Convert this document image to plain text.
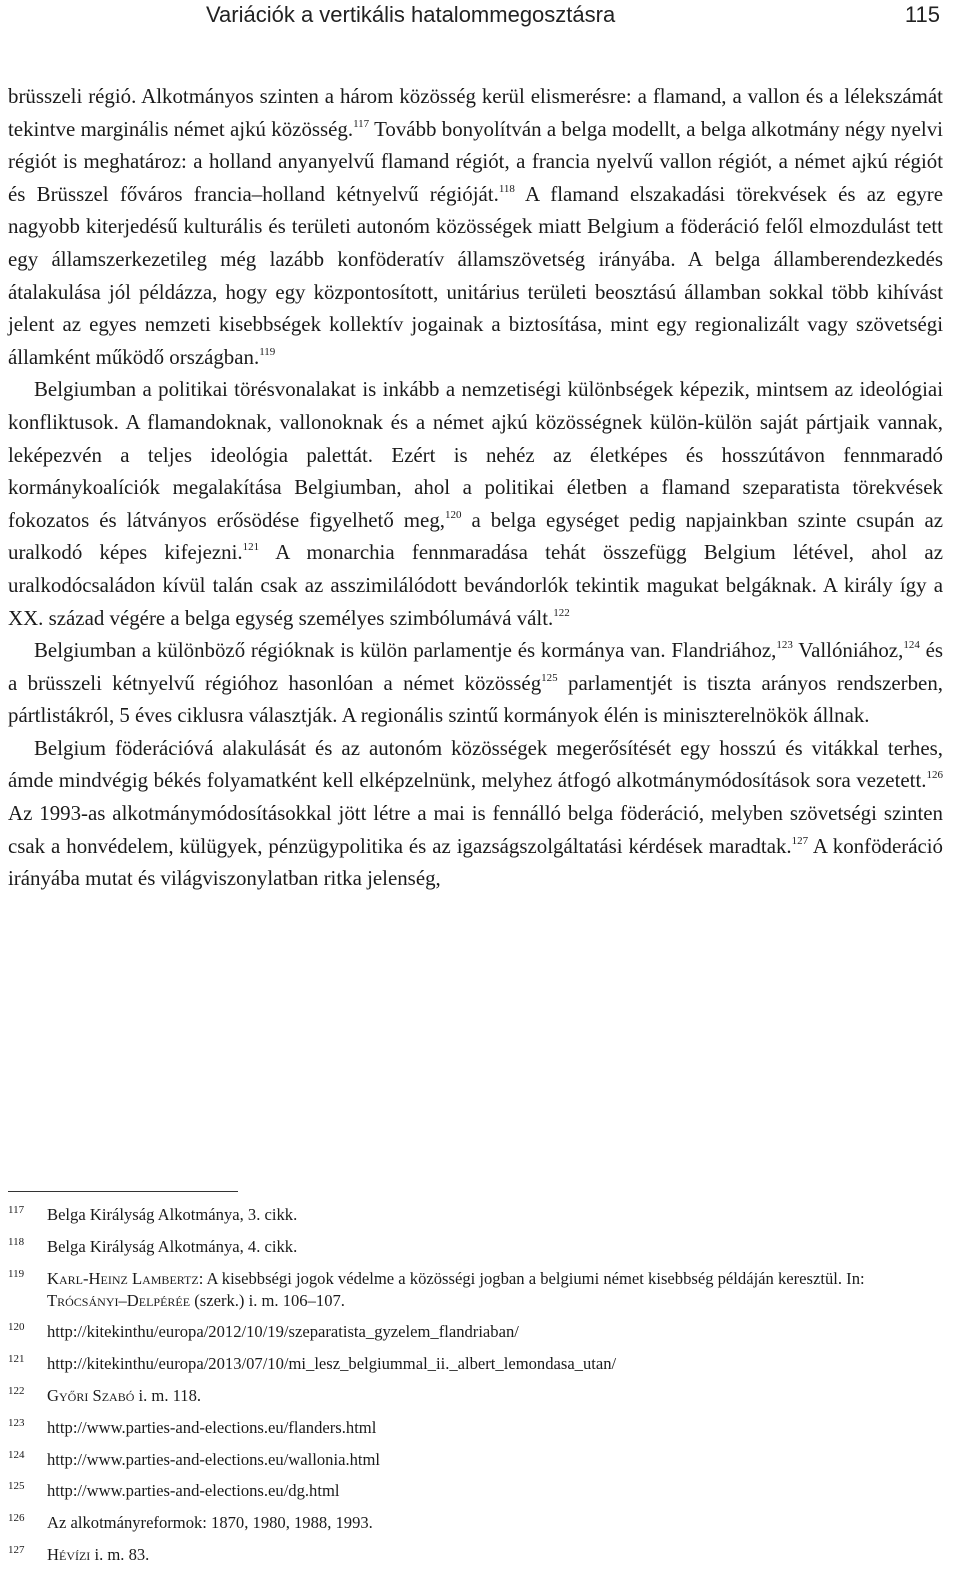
Variációk a vertikális hatalommegosztásra	115

brüsszeli régió. Alkotmányos szinten a három közösség kerül elismerésre: a flamand, a vallon és a lélekszámát tekintve marginális német ajkú közösség.$^{117}$ Tovább bonyolítván a belga modellt, a belga alkotmány négy nyelvi régiót is meghatároz: a holland anyanyelvű flamand régiót, a francia nyelvű vallon régiót, a német ajkú régiót és Brüsszel főváros francia–holland kétnyelvű régióját.$^{118}$ A flamand elszakadási törekvések és az egyre nagyobb kiterjedésű kulturális és területi autonóm közösségek miatt Belgium a föderáció felől elmozdulást tett egy államszerkezetileg még lazább konföderatív államszövetség irányába. A belga államberendezkedés átalakulása jól példázza, hogy egy központosított, unitárius területi beosztású államban sokkal több kihívást jelent az egyes nemzeti kisebbségek kollektív jogainak a biztosítása, mint egy regionalizált vagy szövetségi államként működő országban.$^{119}$

Belgiumban a politikai törésvonalakat is inkább a nemzetiségi különbségek képezik, mintsem az ideológiai konfliktusok. A flamandoknak, vallonoknak és a német ajkú közösségnek külön-külön saját pártjaik vannak, leképezvén a teljes ideológia palettát. Ezért is nehéz az életképes és hosszútávon fennmaradó kormánykoalíciók megalakítása Belgiumban, ahol a politikai életben a flamand szeparatista törekvések fokozatos és látványos erősödése figyelhető meg,$^{120}$ a belga egységet pedig napjainkban szinte csupán az uralkodó képes kifejezni.$^{121}$ A monarchia fennmaradása tehát összefügg Belgium létével, ahol az uralkodócsaládon kívül talán csak az asszimilálódott bevándorlók tekintik magukat belgáknak. A király így a XX. század végére a belga egység személyes szimbólumává vált.$^{122}$

Belgiumban a különböző régióknak is külön parlamentje és kormánya van. Flandriához,$^{123}$ Vallóniához,$^{124}$ és a brüsszeli kétnyelvű régióhoz hasonlóan a német közösség$^{125}$ parlamentjét is tiszta arányos rendszerben, pártlistákról, 5 éves ciklusra választják. A regionális szintű kormányok élén is miniszterelnökök állnak.

Belgium föderációvá alakulását és az autonóm közösségek megerősítését egy hosszú és vitákkal terhes, ámde mindvégig békés folyamatként kell elképzelnünk, melyhez átfogó alkotmánymódosítások sora vezetett.$^{126}$ Az 1993-as alkotmánymódosításokkal jött létre a mai is fennálló belga föderáció, melyben szövetségi szinten csak a honvédelem, külügyek, pénzügypolitika és az igazságszolgáltatási kérdések maradtak.$^{127}$ A konföderáció irányába mutat és világviszonylatban ritka jelenség,

117 Belga Királyság Alkotmánya, 3. cikk.
118 Belga Királyság Alkotmánya, 4. cikk.
119 Karl-Heinz Lambertz: A kisebbségi jogok védelme a közösségi jogban a belgiumi német kisebbség példáján keresztül. In: Trócsányi–Delpérée (szerk.) i. m. 106–107.
120 http://kitekinthu/europa/2012/10/19/szeparatista_gyzelem_flandriaban/
121 http://kitekinthu/europa/2013/07/10/mi_lesz_belgiummal_ii._albert_lemondasa_utan/
122 Győri Szabó i. m. 118.
123 http://www.parties-and-elections.eu/flanders.html
124 http://www.parties-and-elections.eu/wallonia.html
125 http://www.parties-and-elections.eu/dg.html
126 Az alkotmányreformok: 1870, 1980, 1988, 1993.
127 Hévízi i. m. 83.
